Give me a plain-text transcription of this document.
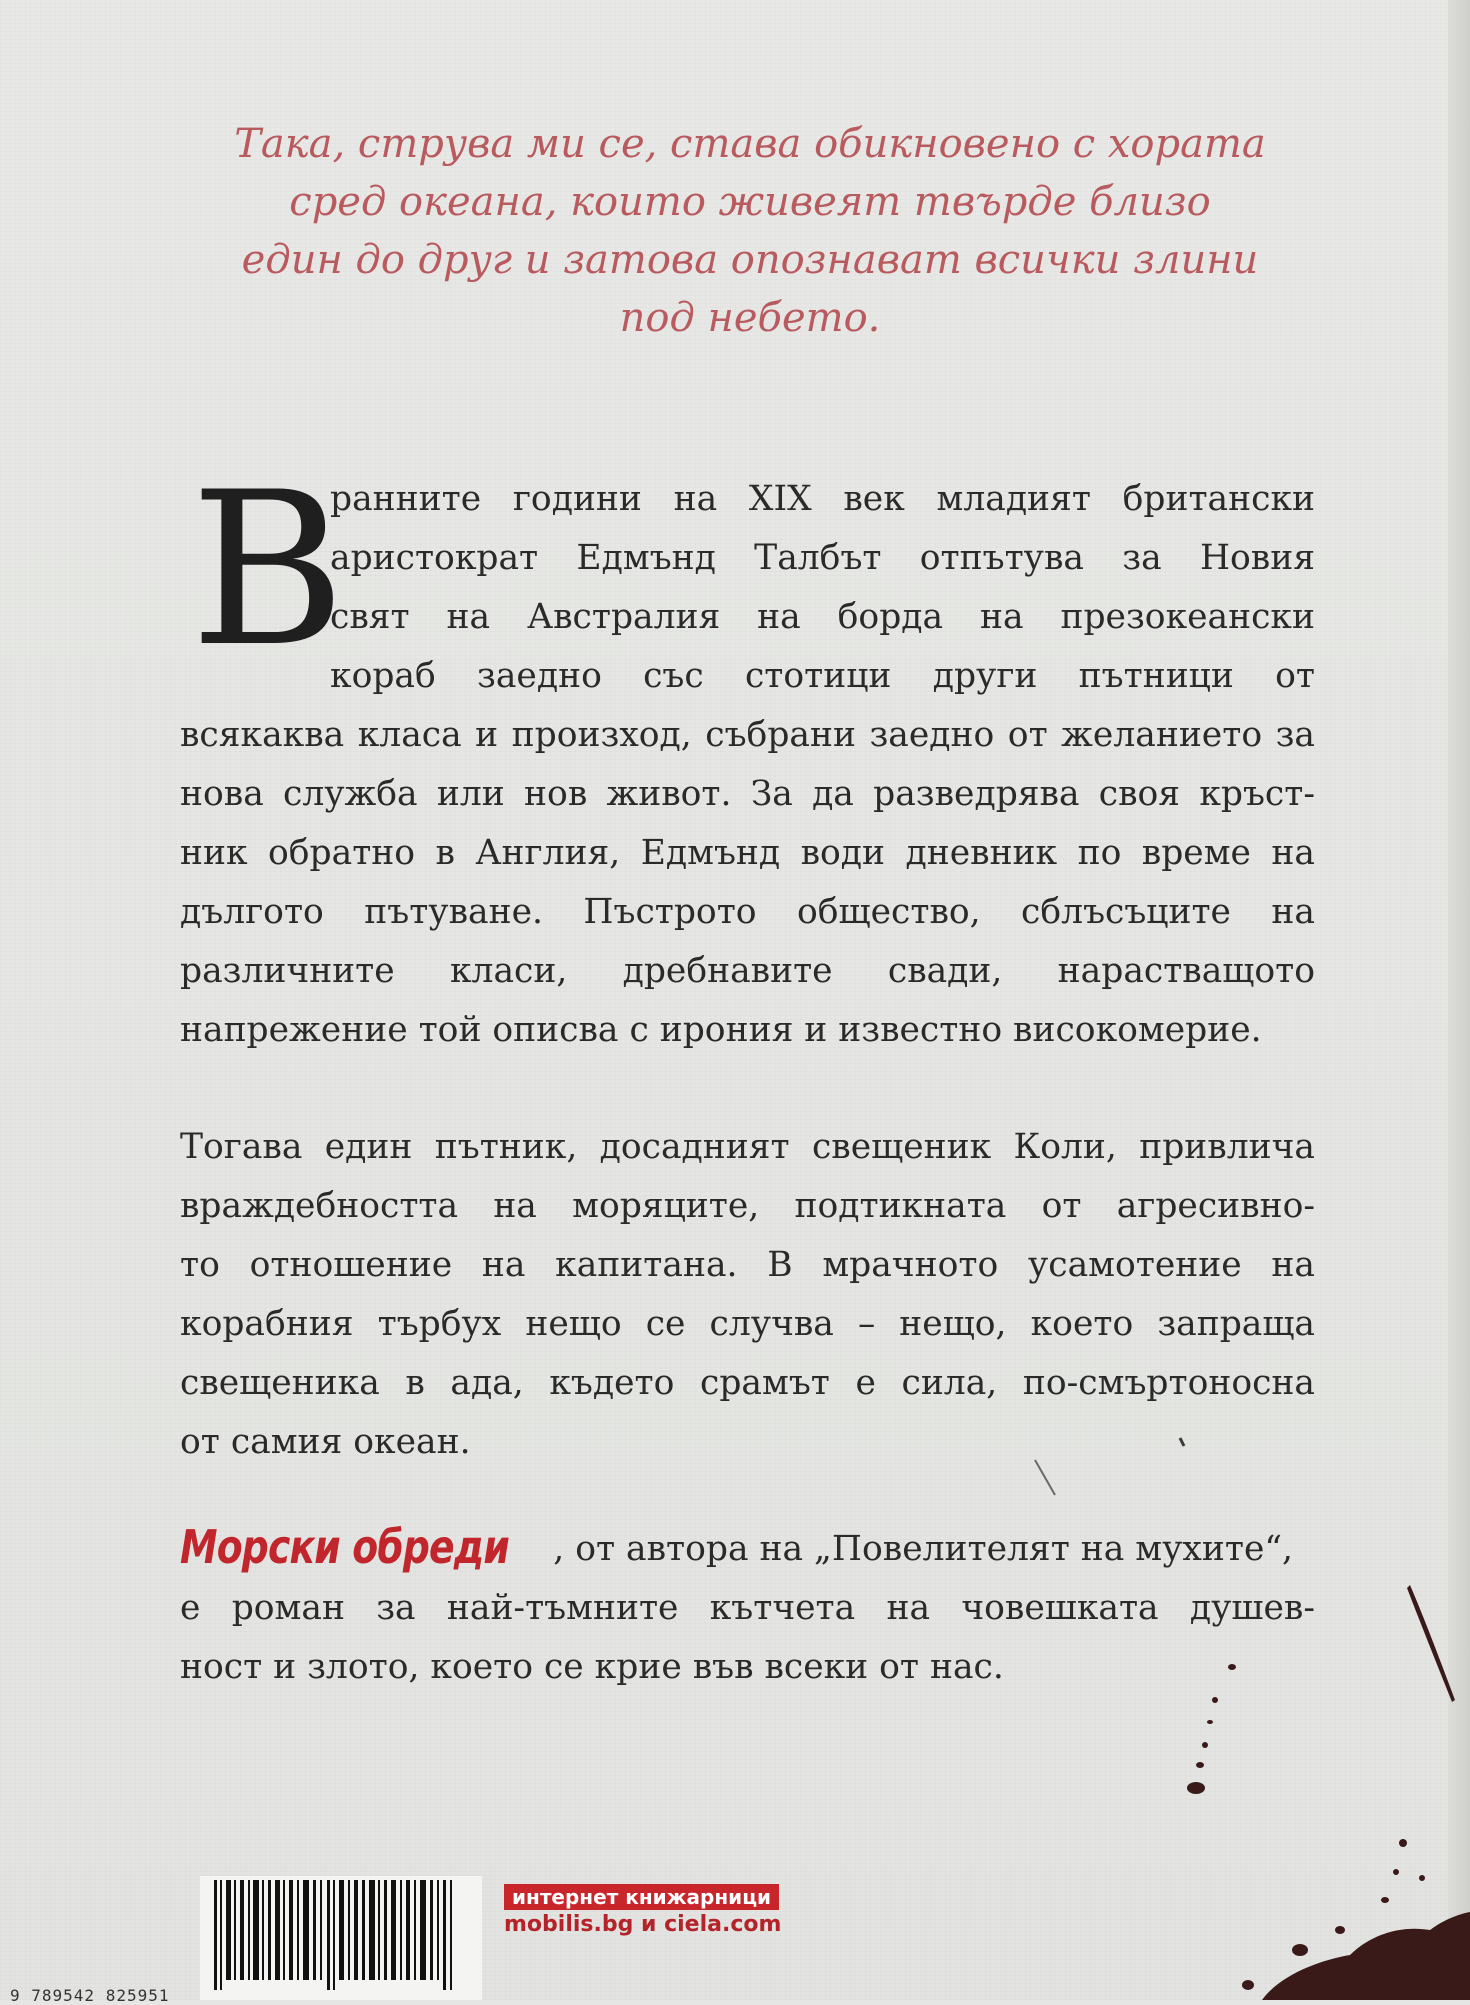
Така, струва ми се, става обикновено с хората
сред океана, които живеят твърде близо
един до друг и затова опознават всички злини
под небето.
В
ранните години на XIX век младият британски
аристократ Едмънд Талбът отпътува за Новия
свят на Австралия на борда на презокеански
кораб заедно със стотици други пътници от
всякаква класа и произход, събрани заедно от желанието за
нова служба или нов живот. За да разведрява своя кръст-
ник обратно в Англия, Едмънд води дневник по време на
дългото пътуване. Пъстрото общество, сблъсъците на
различните класи, дребнавите свади, нарастващото
напрежение той описва с ирония и известно високомерие.
Тогава един пътник, досадният свещеник Коли, привлича
враждебността на моряците, подтикната от агресивно-
то отношение на капитана. В мрачното усамотение на
корабния търбух нещо се случва – нещо, което запраща
свещеника в ада, където срамът е сила, по-смъртоносна
от самия океан.
Морски обреди , от автора на „Повелителят на мухите“,
е роман за най-тъмните кътчета на човешката душев-
ност и злото, което се крие във всеки от нас.
интернет книжарници
mobilis.bg и ciela.com
9 789542 825951
